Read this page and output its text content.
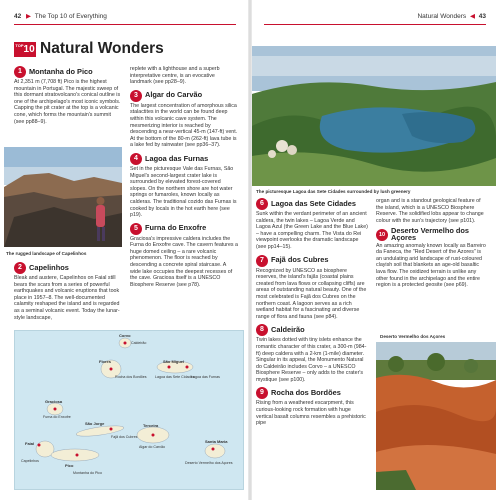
42 ▶ The Top 10 of Everything	Natural Wonders ◀ 43
$^{TOP}$10 Natural Wonders
1 Montanha do Pico

At 2,351 m (7,708 ft) Pico is the highest mountain in Portugal. The majestic sweep of this dormant stratovolcano's conical outline is one of the archipelago's most iconic symbols. Capping the pit crater at the top is a volcanic cone, which forms the mountain's summit (see pp88–9).

The rugged landscape of Capelinhos
2 Capelinhos

Bleak and austere, Capelinhos on Faial still bears the scars from a series of powerful earthquakes and volcanic eruptions that took place in 1957–8. The well-documented calamity reshaped the island and is regarded as a seminal volcanic event. Today the lunar-style landscape,

replete with a lighthouse and a superb interpretative centre, is an evocative landmark (see pp28–9).

3 Algar do Carvão

The largest concentration of amorphous silica stalactites in the world can be found deep within this volcanic cave system. The mesmerizing interior is reached by descending a near-vertical 45-m (147-ft) vent. At the bottom of the 80-m (262-ft) lava tube is a lake fed by rainwater (see pp36–37).

4 Lagoa das Furnas

Set in the picturesque Vale das Furnas, São Miguel's second-largest crater lake is surrounded by elevated forest-covered slopes. On the northern shore are hot water springs or fumaroles, known locally as calderas. The traditional cozido das Furnas is cooked by locals in the hot earth here (see p19).

5 Furna do Enxofre

Graciosa's impressive caldera includes the Furna do Enxofre cave. The cavern features a huge domed ceiling – a rare volcanic phenomenon. The floor is reached by descending a concrete spiral staircase. A wide lake occupies the deepest recesses of the cave. Graciosa itself is a UNESCO Biosphere Reserve (see p78).

The picturesque Lagoa das Sete Cidades surrounded by lush greenery
6 Lagoa das Sete Cidades

Sunk within the verdant perimeter of an ancient caldera, the twin lakes – Lagoa Verde and Lagoa Azul (the Green Lake and the Blue Lake) – have a compelling charm. The Vista do Rei viewpoint overlooks the dramatic landscape (see pp14–15).

7 Fajã dos Cubres

Recognized by UNESCO as biosphere reserves, the island's fajãs (coastal plains created from lava flows or collapsing cliffs) are areas of outstanding natural beauty. One of the most celebrated is Fajã dos Cubres on the northern coast. A lagoon serves as a rich wetland habitat for a fascinating and diverse range of flora and fauna (see p84).

8 Caldeirão

Twin lakes dotted with tiny islets enhance the romantic character of this crater, a 300-m (984-ft) deep caldera with a 2-km (1-mile) diameter. Singular in its appeal, the Monumento Natural do Caldeirão includes Corvo – a UNESCO Biosphere Reserve – only adds to the crater's mystique (see p100).

9 Rocha dos Bordões

Rising from a weathered escarpment, this curious-looking rock formation with huge vertical basalt columns resembles a prehistoric pipe

organ and is a standout geological feature of the island, which is a UNESCO Biosphere Reserve. The solidified lobs appear to change colour with the sun's trajectory (see p101).

10 Deserto Vermelho dos Açores

An amazing anomaly known locally as Barreiro da Faneca, the "Red Desert of the Azores" is an undulating arid landscape of rust-coloured clayish soil that blankets an age-old basaltic lava flow. The oxidized terrain is unlike any other found in the archipelago and the entire region is a protected geosite (see p69).

Deserto Vermelho dos Açores
Corvo
Caldeirão
Flores
Rocha dos Bordões
São Miguel
Lagoa das Sete Cidades
Lagoa das Furnas
Graciosa
Furna do Enxofre
São Jorge
Fajã dos Cubres
Faial
Capelinhos
Pico
Montanha do Pico
Terceira
Algar do Carvão
Deserto Vermelho dos Açores
Santa Maria
